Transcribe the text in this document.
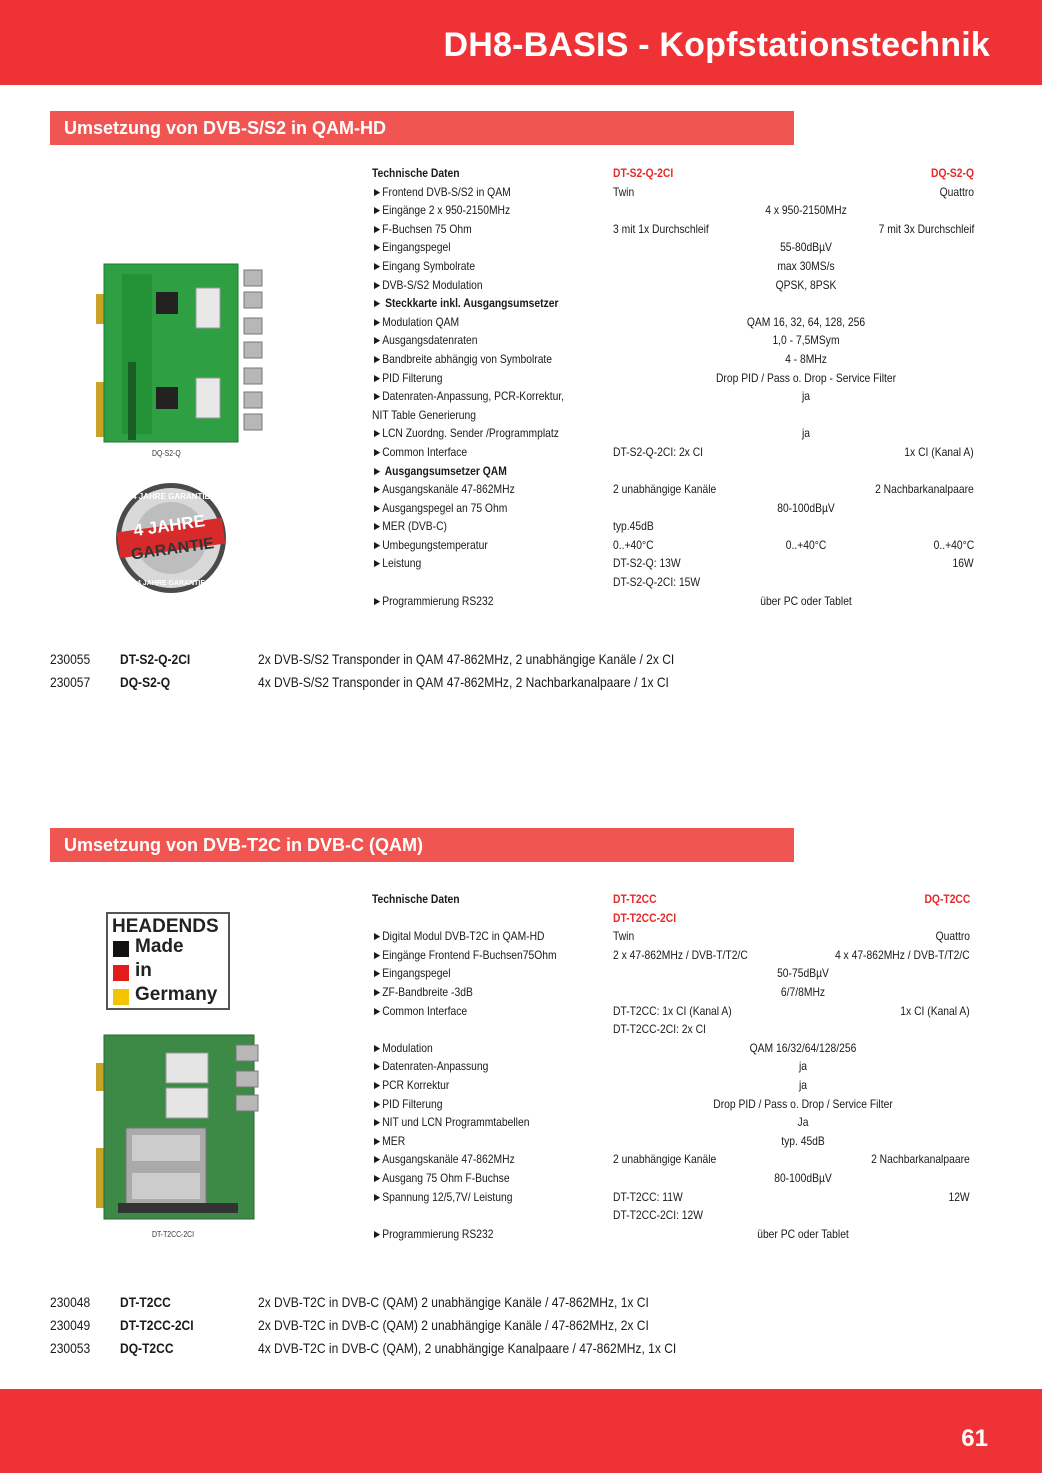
DH8-BASIS - Kopfstationstechnik
Umsetzung von DVB-S/S2 in QAM-HD
DQ-S2-Q
4 JAHRE
GARANTIE
4 JAHRE GARANTIE
4 JAHRE GARANTIE
Technische Daten	DT-S2-Q-2CI	DQ-S2-Q
►Frontend DVB-S/S2 in QAM	Twin	Quattro
►Eingänge 2 x 950-2150MHz	4 x 950-2150MHz
►F-Buchsen 75 Ohm	3 mit 1x Durchschleif	7 mit 3x Durchschleif
►Eingangspegel	55-80dBµV
►Eingang Symbolrate	max 30MS/s
►DVB-S/S2 Modulation	QPSK, 8PSK
► Steckkarte inkl. Ausgangsumsetzer
►Modulation QAM	QAM 16, 32, 64, 128, 256
►Ausgangsdatenraten	1,0 - 7,5MSym
►Bandbreite abhängig von Symbolrate	4 - 8MHz
►PID Filterung	Drop PID / Pass o. Drop - Service Filter
►Datenraten-Anpassung, PCR-Korrektur,	ja
NIT Table Generierung
►LCN Zuordng. Sender /Programmplatz	ja
►Common Interface	DT-S2-Q-2CI: 2x CI	1x CI (Kanal A)
► Ausgangsumsetzer QAM
►Ausgangskanäle 47-862MHz	2 unabhängige Kanäle	2 Nachbarkanalpaare
►Ausgangspegel an 75 Ohm	80-100dBµV
►MER (DVB-C)	typ.45dB
►Umbegungstemperatur	0..+40°C	0..+40°C	0..+40°C
►Leistung	DT-S2-Q: 13W	16W
DT-S2-Q-2CI: 15W
►Programmierung RS232	über PC oder Tablet
230055 DT-S2-Q-2CI	2x DVB-S/S2 Transponder in QAM 47-862MHz, 2 unabhängige Kanäle / 2x CI
230057 DQ-S2-Q	4x DVB-S/S2 Transponder in QAM 47-862MHz, 2 Nachbarkanalpaare / 1x CI
Umsetzung von DVB-T2C in DVB-C (QAM)
HEADENDS
Made
in
Germany
DT-T2CC-2CI
Technische Daten	DT-T2CC	DQ-T2CC
DT-T2CC-2CI
►Digital Modul DVB-T2C in QAM-HD	Twin	Quattro
►Eingänge Frontend F-Buchsen75Ohm	2 x 47-862MHz / DVB-T/T2/C	4 x 47-862MHz / DVB-T/T2/C
►Eingangspegel	50-75dBµV
►ZF-Bandbreite -3dB	6/7/8MHz
►Common Interface	DT-T2CC: 1x CI (Kanal A)	1x CI (Kanal A)
DT-T2CC-2CI: 2x CI
►Modulation	QAM 16/32/64/128/256
►Datenraten-Anpassung	ja
►PCR Korrektur	ja
►PID Filterung	Drop PID / Pass o. Drop / Service Filter
►NIT und LCN Programmtabellen	Ja
►MER	typ. 45dB
►Ausgangskanäle 47-862MHz	2 unabhängige Kanäle	2 Nachbarkanalpaare
►Ausgang 75 Ohm F-Buchse	80-100dBµV
►Spannung 12/5,7V/ Leistung	DT-T2CC: 11W	12W
DT-T2CC-2CI: 12W
►Programmierung RS232	über PC oder Tablet
230048 DT-T2CC	2x DVB-T2C in DVB-C (QAM) 2 unabhängige Kanäle / 47-862MHz, 1x CI
230049 DT-T2CC-2CI	2x DVB-T2C in DVB-C (QAM) 2 unabhängige Kanäle / 47-862MHz, 2x CI
230053 DQ-T2CC	4x DVB-T2C in DVB-C (QAM), 2 unabhängige Kanalpaare / 47-862MHz, 1x CI
61
